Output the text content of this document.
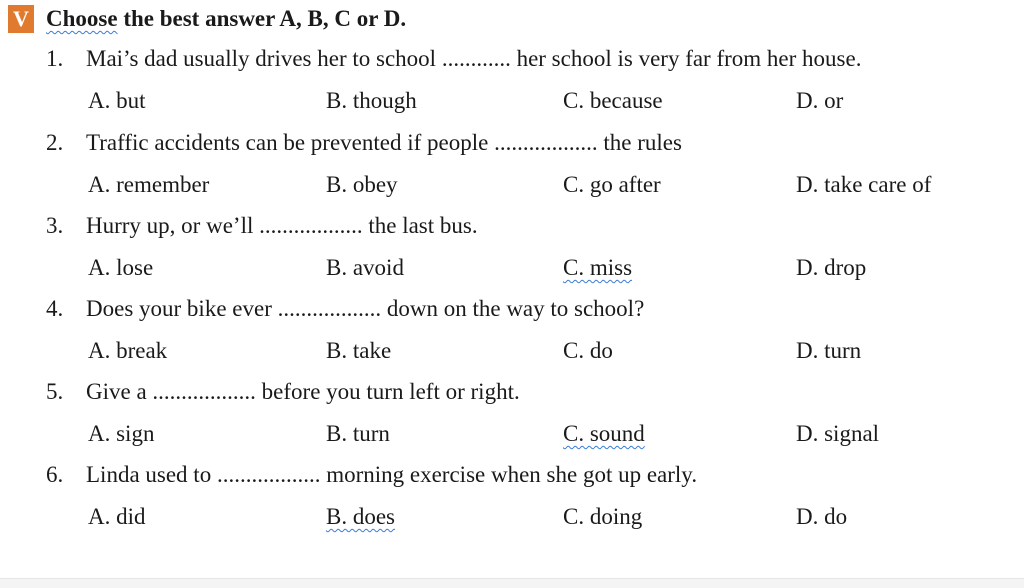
V Choose the best answer A, B, C or D.
1. Mai’s dad usually drives her to school ............ her school is very far from her house.
A. but	B. though	C. because	D. or
2. Traffic accidents can be prevented if people .................. the rules
A. remember	B. obey	C. go after	D. take care of
3. Hurry up, or we’ll .................. the last bus.
A. lose	B. avoid	C. miss	D. drop
4. Does your bike ever .................. down on the way to school?
A. break	B. take	C. do	D. turn
5. Give a .................. before you turn left or right.
A. sign	B. turn	C. sound	D. signal
6. Linda used to .................. morning exercise when she got up early.
A. did	B. does	C. doing	D. do
